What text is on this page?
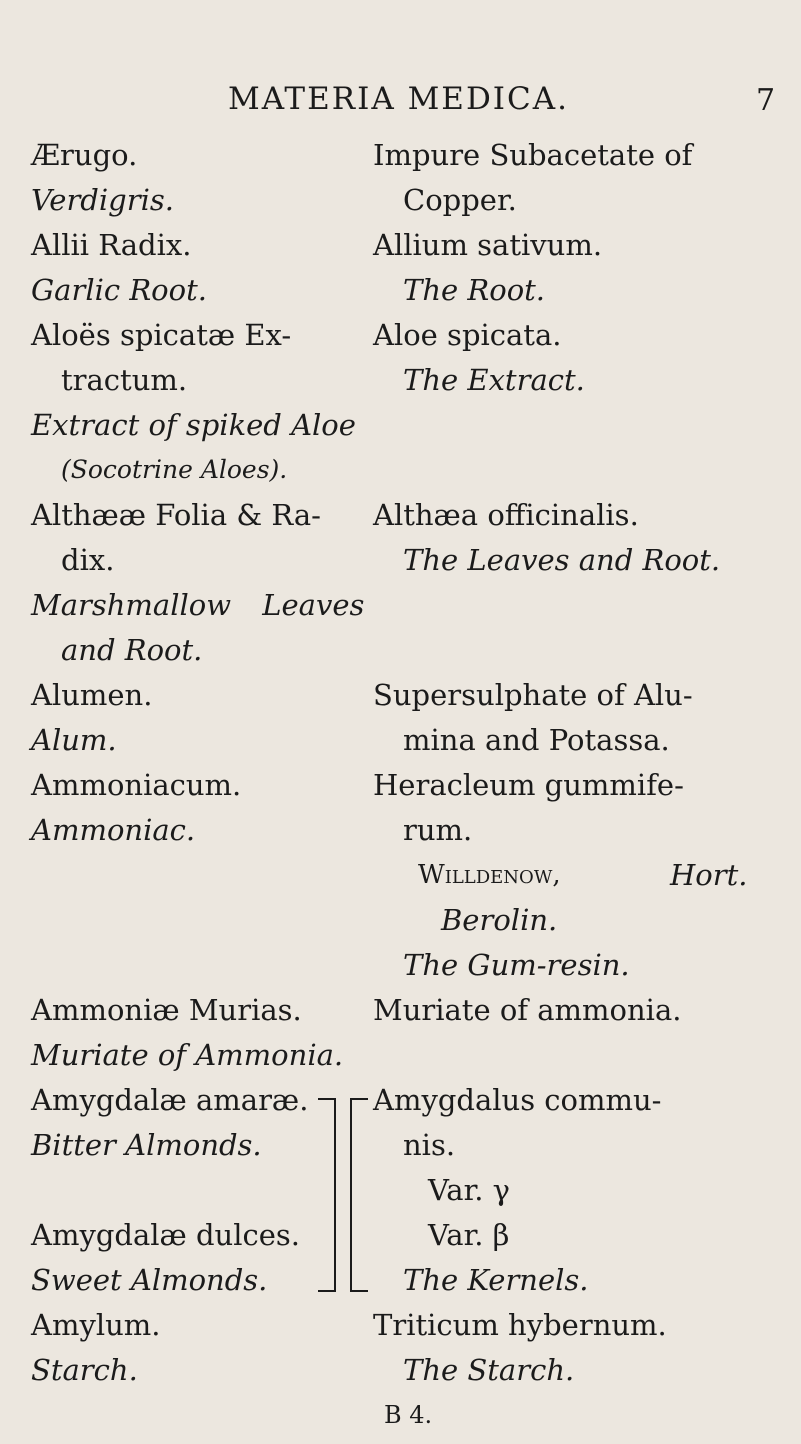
MATERIA MEDICA.	7
Ærugo.
Verdigris.
Allii Radix.
Garlic Root.
Aloës spicatæ Ex-
tractum.
Extract of spiked Aloe
(Socotrine Aloes).
Althææ Folia & Ra-
dix.
Marshmallow Leaves
and Root.
Alumen.
Alum.
Ammoniacum.
Ammoniac.
Ammoniæ Murias.
Muriate of Ammonia.
Amygdalæ amaræ.
Bitter Almonds.
Amygdalæ dulces.
Sweet Almonds.
Amylum.
Starch.
Impure Subacetate of
Copper.
Allium sativum.
The Root.
Aloe spicata.
The Extract.
Althæa officinalis.
The Leaves and Root.
Supersulphate of Alu-
mina and Potassa.
Heracleum gummife-
rum.
Willdenow,	Hort.
Berolin.
The Gum-resin.
Muriate of ammonia.
Amygdalus commu-
nis.
Var. γ
Var. β
The Kernels.
Triticum hybernum.
The Starch.
B 4.
